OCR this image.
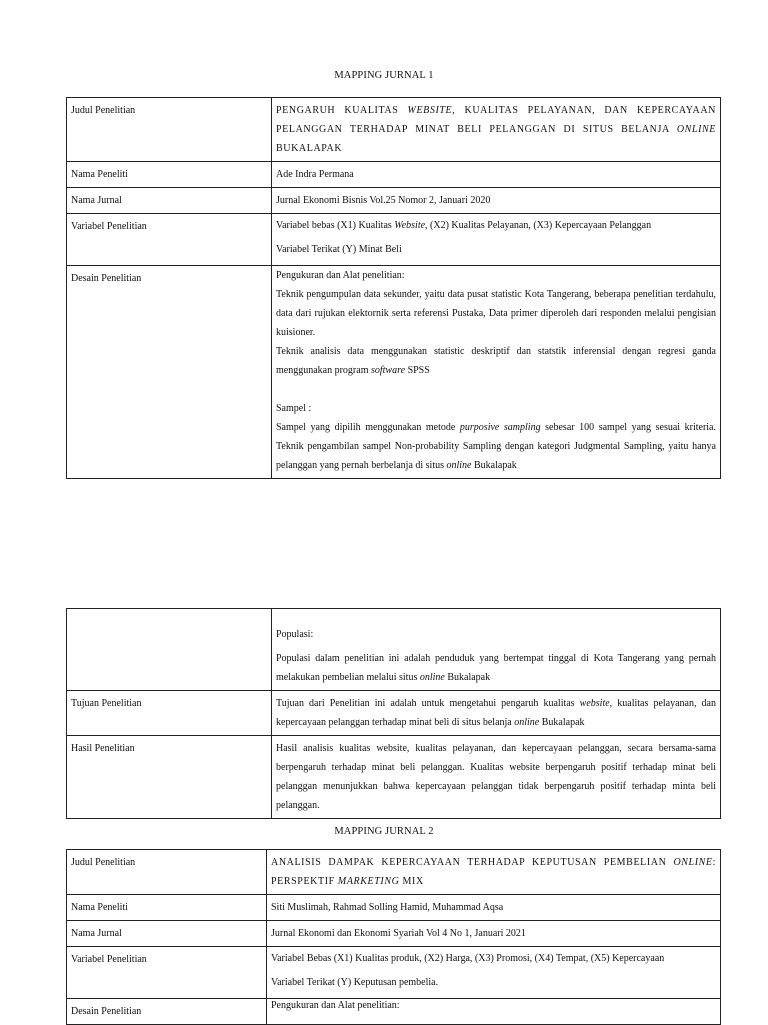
MAPPING JURNAL 1
Judul Penelitian	PENGARUH KUALITAS WEBSITE, KUALITAS PELAYANAN, DAN KEPERCAYAAN PELANGGAN TERHADAP MINAT BELI PELANGGAN DI SITUS BELANJA ONLINE BUKALAPAK
Nama Peneliti	Ade Indra Permana
Nama Jurnal	Jurnal Ekonomi Bisnis Vol.25 Nomor 2, Januari 2020
Variabel Penelitian	Variabel bebas (X1) Kualitas Website, (X2) Kualitas Pelayanan, (X3) Kepercayaan Pelanggan
Variabel Terikat (Y) Minat Beli

Desain Penelitian	Pengukuran dan Alat penelitian:
Teknik pengumpulan data sekunder, yaitu data pusat statistic Kota Tangerang, beberapa penelitian terdahulu, data dari rujukan elektornik serta referensi Pustaka, Data primer diperoleh dari responden melalui pengisian kuisioner.
Teknik analisis data menggunakan statistic deskriptif dan statstik inferensial dengan regresi ganda menggunakan program software SPSS
Sampel :
Sampel yang dipilih menggunakan metode purposive sampling sebesar 100 sampel yang sesuai kriteria. Teknik pengambilan sampel Non-probability Sampling dengan kategori Judgmental Sampling, yaitu hanya pelanggan yang pernah berbelanja di situs online Bukalapak

	Populasi:
Populasi dalam penelitian ini adalah penduduk yang bertempat tinggal di Kota Tangerang yang pernah melakukan pembelian melalui situs online Bukalapak

Tujuan Penelitian	Tujuan dari Penelitian ini adalah untuk mengetahui pengaruh kualitas website, kualitas pelayanan, dan kepercayaan pelanggan terhadap minat beli di situs belanja online Bukalapak
Hasil Penelitian	Hasil analisis kualitas website, kualitas pelayanan, dan kepercayaan pelanggan, secara bersama-sama berpengaruh terhadap minat beli pelanggan. Kualitas website berpengaruh positif terhadap minat beli pelanggan menunjukkan bahwa kepercayaan pelanggan tidak berpengaruh positif terhadap minta beli pelanggan.
MAPPING JURNAL 2
Judul Penelitian	ANALISIS DAMPAK KEPERCAYAAN TERHADAP KEPUTUSAN PEMBELIAN ONLINE: PERSPEKTIF MARKETING MIX
Nama Peneliti	Siti Muslimah, Rahmad Solling Hamid, Muhammad Aqsa
Nama Jurnal	Jurnal Ekonomi dan Ekonomi Syariah Vol 4 No 1, Januari 2021
Variabel Penelitian	Variabel Bebas (X1) Kualitas produk, (X2) Harga, (X3) Promosi, (X4) Tempat, (X5) Kepercayaan
Variabel Terikat (Y) Keputusan pembelia.

Desain Penelitian	Pengukuran dan Alat penelitian:
